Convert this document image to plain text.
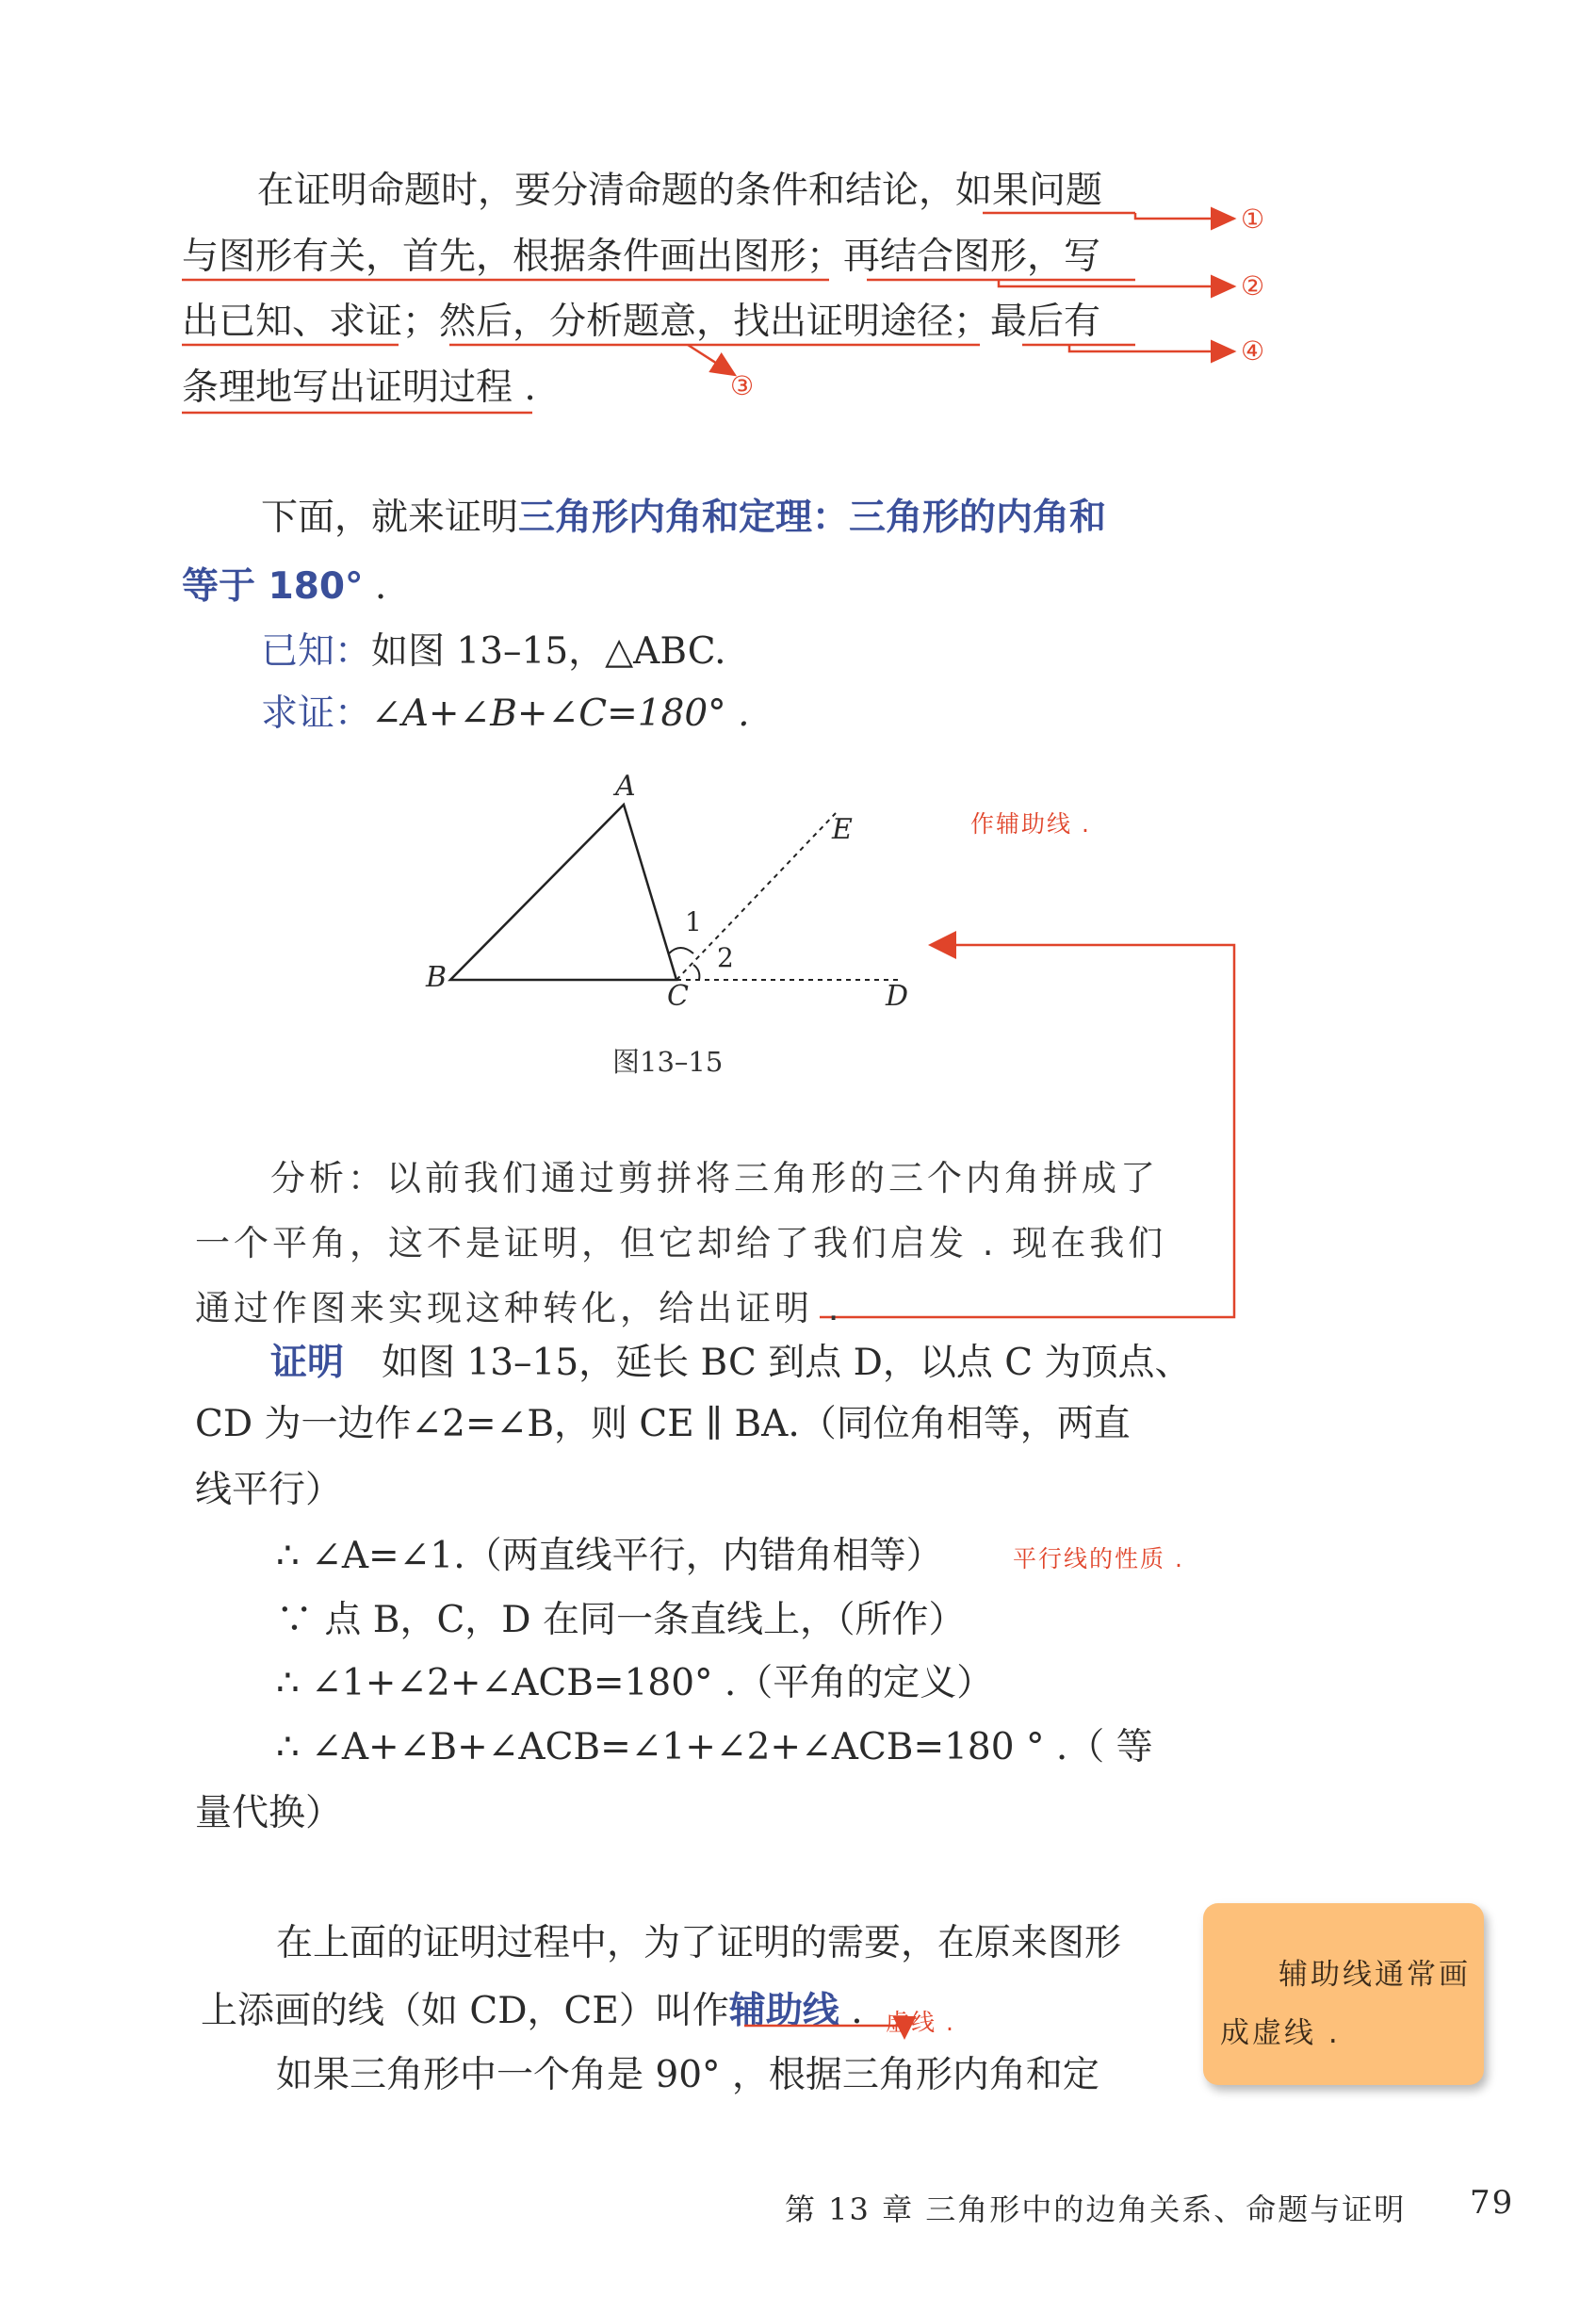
在证明命题时，要分清命题的条件和结论，如果问题
与图形有关，首先，根据条件画出图形；再结合图形，写
出已知、求证；然后，分析题意，找出证明途径；最后有
条理地写出证明过程 .
①
②
③
④
下面，就来证明三角形内角和定理：三角形的内角和
等于 180° .
已知：如图 13–15，△ABC.
求证：∠A+∠B+∠C=180° .
A
B
C	D
E
1
2
图13–15
作辅助线 .
分析：以前我们通过剪拼将三角形的三个内角拼成了
一个平角，这不是证明，但它却给了我们启发 . 现在我们
通过作图来实现这种转化，给出证明 .
证明 如图 13–15，延长 BC 到点 D，以点 C 为顶点、
CD 为一边作∠2=∠B，则 CE ∥ BA.（同位角相等，两直
线平行）
∴ ∠A=∠1.（两直线平行，内错角相等）	平行线的性质 .
∵ 点 B，C，D 在同一条直线上，（所作）
∴ ∠1+∠2+∠ACB=180° .（平角的定义）
∴ ∠A+∠B+∠ACB=∠1+∠2+∠ACB=180 ° .（ 等
量代换）
在上面的证明过程中，为了证明的需要，在原来图形
上添画的线（如 CD，CE）叫作辅助线 . 虚线 .
如果三角形中一个角是 90° ，根据三角形内角和定
辅助线通常画
成虚线 .
第 13 章 三角形中的边角关系、命题与证明 79
